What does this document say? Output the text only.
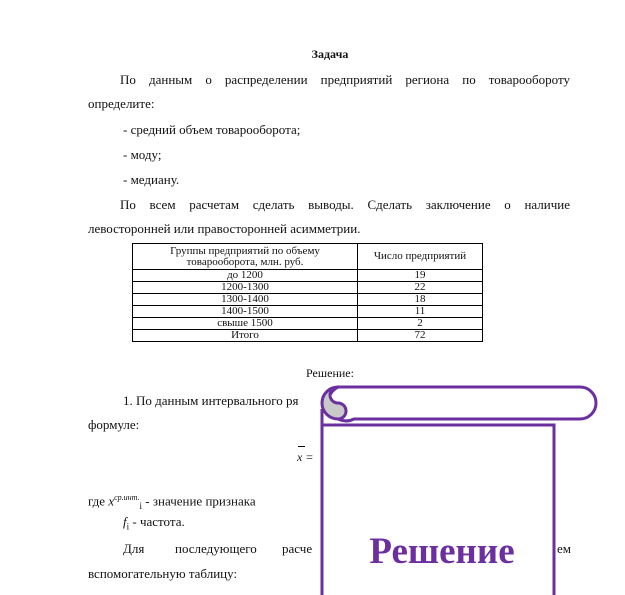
Задача
По данным о распределении предприятий региона по товарообороту
определите:
- средний объем товарооборота;
- моду;
- медиану.
По всем расчетам сделать выводы. Сделать заключение о наличие
левосторонней или правосторонней асимметрии.
Группы предприятий по объему товарооборота, млн. руб.	Число предприятий
до 1200	19
1200-1300	22
1300-1400	18
1400-1500	11
свыше 1500	2
Итого	72
Решение:
1. По данным интервального ря
формуле:
x =
где $x^{ср.инт.}_i$ - значение признака
$f_i$ - частота.
Для последующего расче	ем
вспомогательную таблицу:
Решение
